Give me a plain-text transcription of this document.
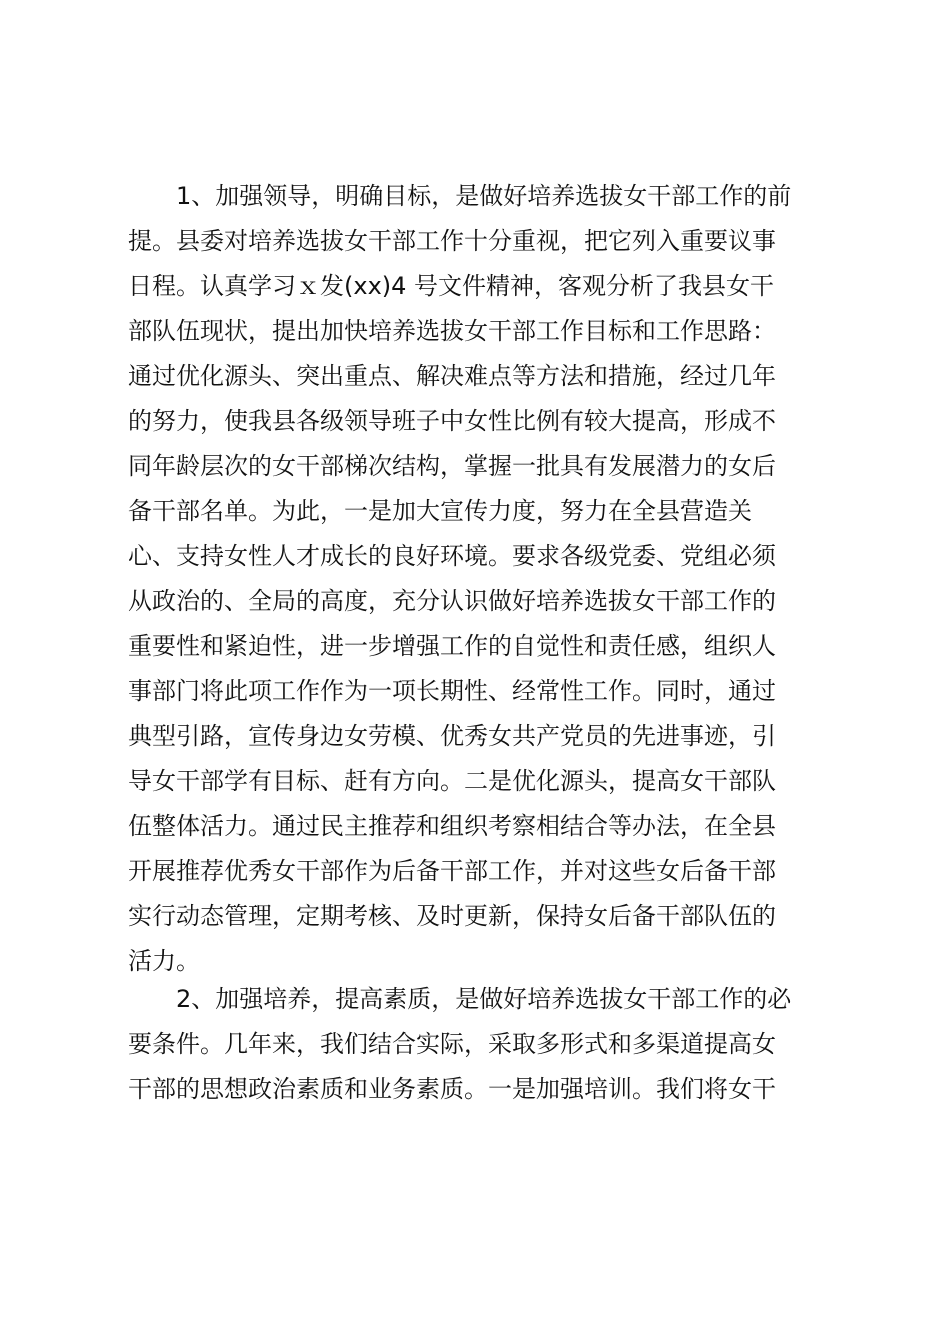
1、加强领导，明确目标，是做好培养选拔女干部工作的前
提。县委对培养选拔女干部工作十分重视，把它列入重要议事
日程。认真学习ｘ发(xx)4 号文件精神，客观分析了我县女干
部队伍现状，提出加快培养选拔女干部工作目标和工作思路：
通过优化源头、突出重点、解决难点等方法和措施，经过几年
的努力，使我县各级领导班子中女性比例有较大提高，形成不
同年龄层次的女干部梯次结构，掌握一批具有发展潜力的女后
备干部名单。为此，一是加大宣传力度，努力在全县营造关
心、支持女性人才成长的良好环境。要求各级党委、党组必须
从政治的、全局的高度，充分认识做好培养选拔女干部工作的
重要性和紧迫性，进一步增强工作的自觉性和责任感，组织人
事部门将此项工作作为一项长期性、经常性工作。同时，通过
典型引路，宣传身边女劳模、优秀女共产党员的先进事迹，引
导女干部学有目标、赶有方向。二是优化源头，提高女干部队
伍整体活力。通过民主推荐和组织考察相结合等办法，在全县
开展推荐优秀女干部作为后备干部工作，并对这些女后备干部
实行动态管理，定期考核、及时更新，保持女后备干部队伍的
活力。
2、加强培养，提高素质，是做好培养选拔女干部工作的必
要条件。几年来，我们结合实际，采取多形式和多渠道提高女
干部的思想政治素质和业务素质。一是加强培训。我们将女干
